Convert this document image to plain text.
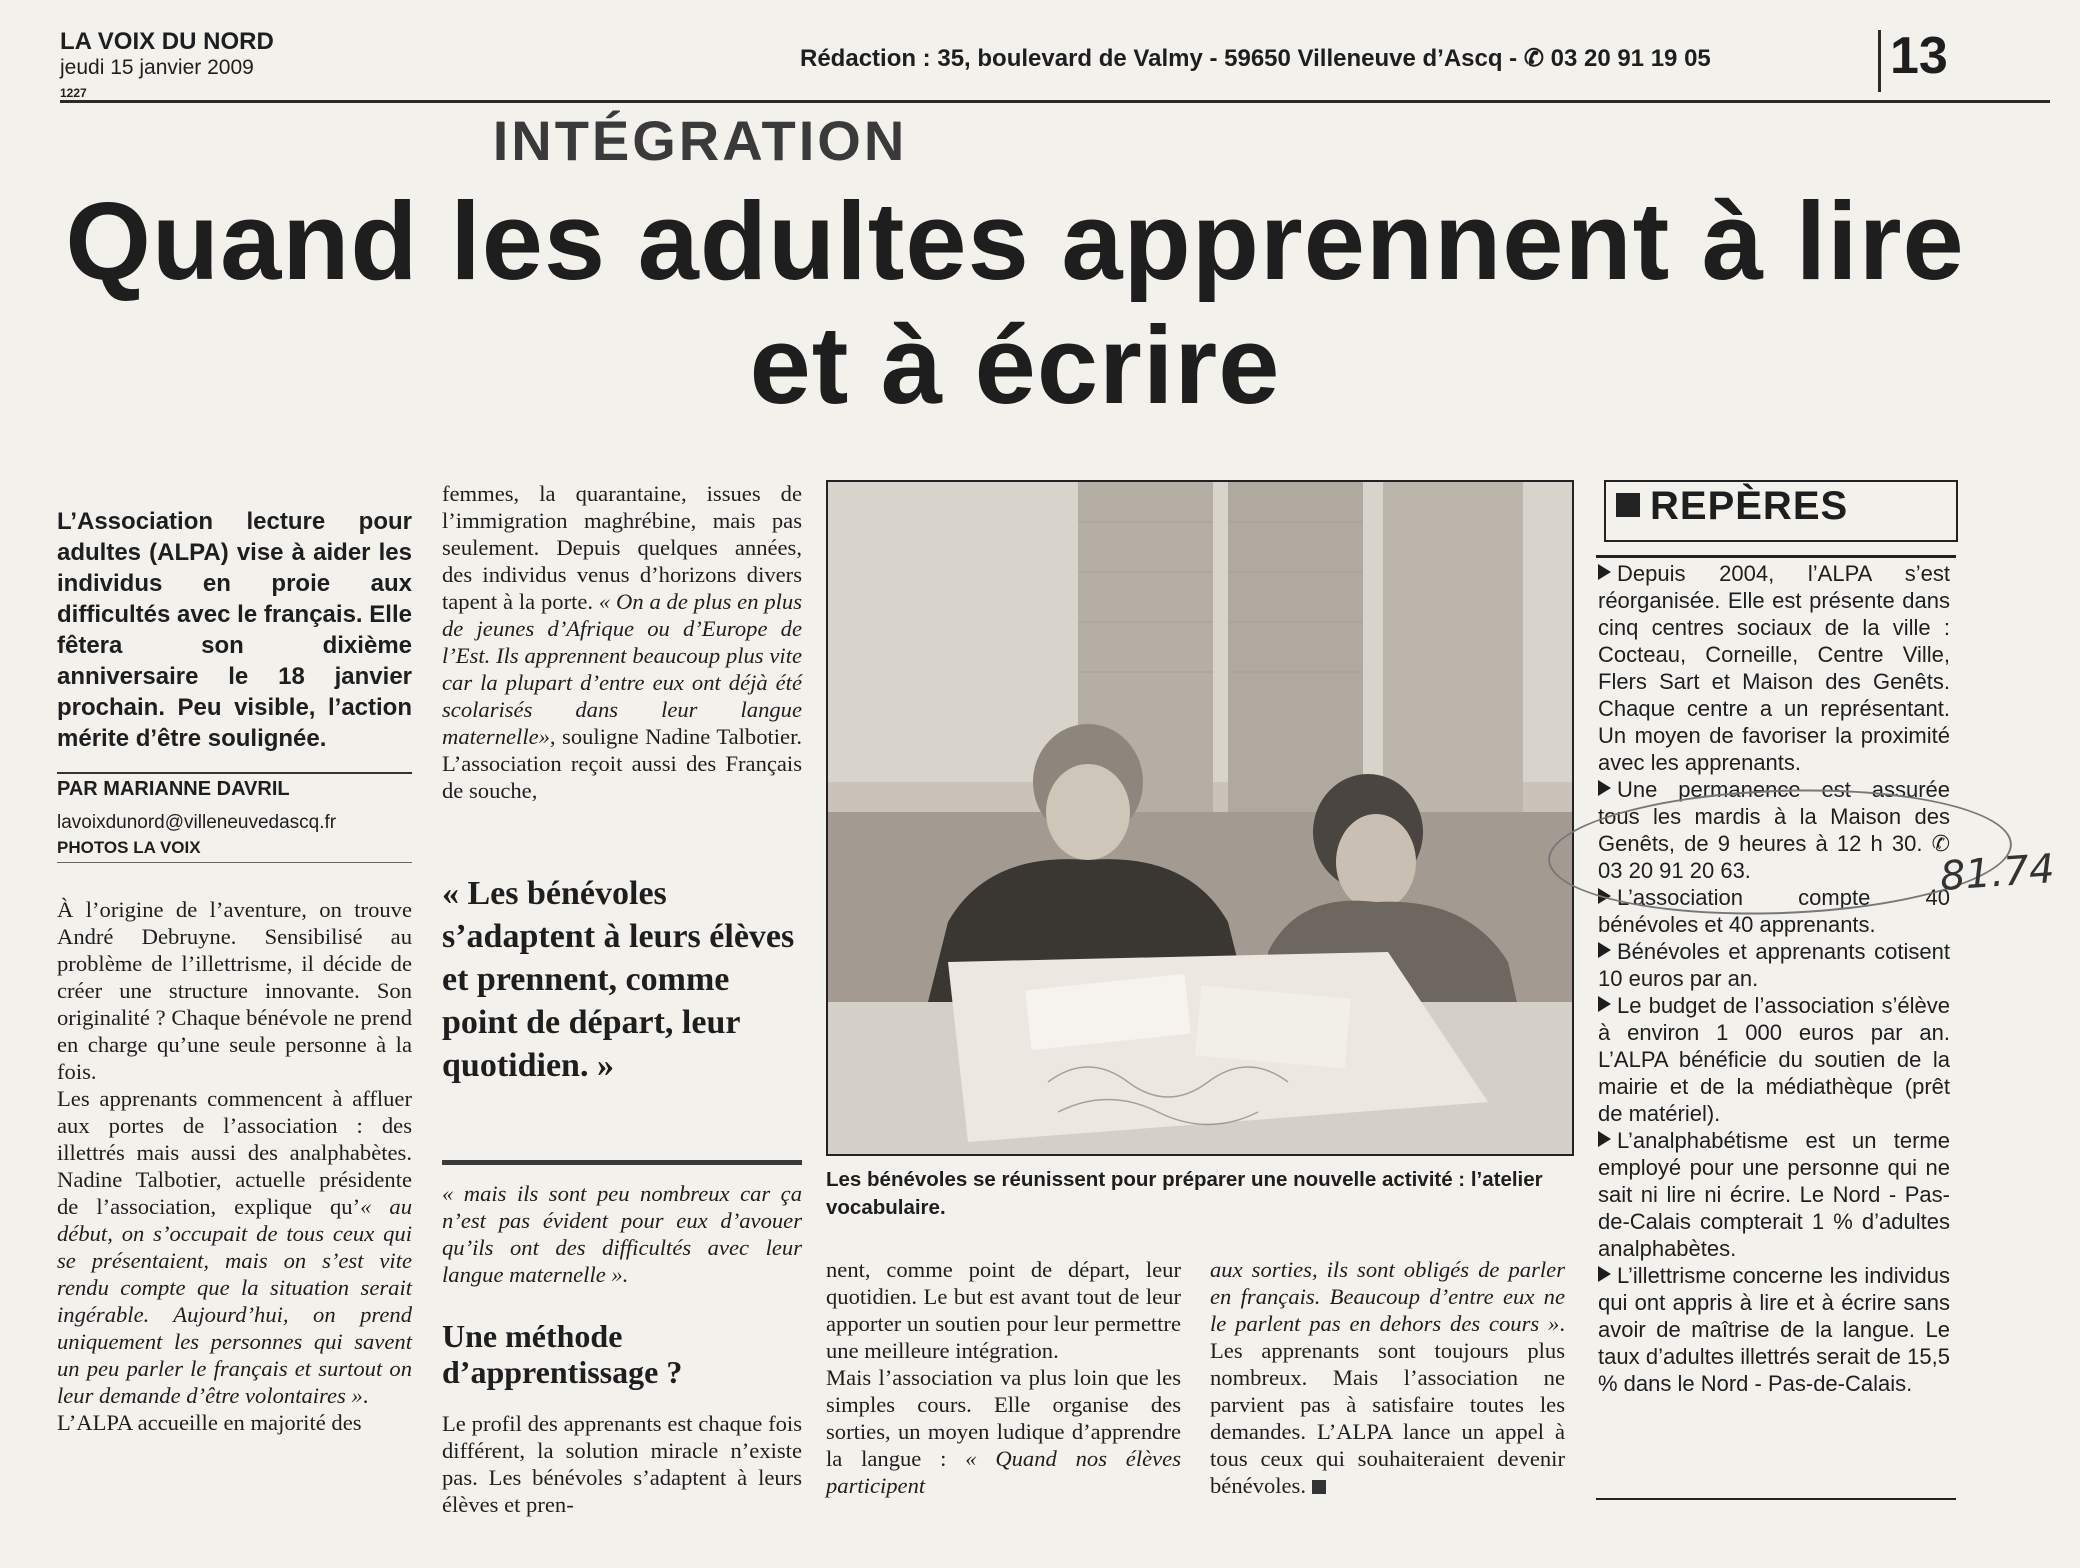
LA VOIX DU NORD
jeudi 15 janvier 2009
1227
Rédaction : 35, boulevard de Valmy - 59650 Villeneuve d’Ascq - ✆ 03 20 91 19 05	13
INTÉGRATION
Quand les adultes apprennent à lire et à écrire
L’Association lecture pour adultes (ALPA) vise à aider les individus en proie aux difficultés avec le français. Elle fêtera son dixième anniversaire le 18 janvier prochain. Peu visible, l’action mérite d’être soulignée.
PAR MARIANNE DAVRIL
lavoixdunord@villeneuvedascq.fr
PHOTOS LA VOIX

À l’origine de l’aventure, on trouve André Debruyne. Sensibilisé au problème de l’illettrisme, il décide de créer une structure innovante. Son originalité ? Chaque bénévole ne prend en charge qu’une seule personne à la fois.

Les apprenants commencent à affluer aux portes de l’association : des illettrés mais aussi des analphabètes. Nadine Talbotier, actuelle présidente de l’association, explique qu’« au début, on s’occupait de tous ceux qui se présentaient, mais on s’est vite rendu compte que la situation serait ingérable. Aujourd’hui, on prend uniquement les personnes qui savent un peu parler le français et surtout on leur demande d’être volontaires ».

L’ALPA accueille en majorité des

femmes, la quarantaine, issues de l’immigration maghrébine, mais pas seulement. Depuis quelques années, des individus venus d’horizons divers tapent à la porte. « On a de plus en plus de jeunes d’Afrique ou d’Europe de l’Est. Ils apprennent beaucoup plus vite car la plupart d’entre eux ont déjà été scolarisés dans leur langue maternelle», souligne Nadine Talbotier. L’association reçoit aussi des Français de souche,
« Les bénévoles s’adaptent à leurs élèves et prennent, comme point de départ, leur quotidien. »
« mais ils sont peu nombreux car ça n’est pas évident pour eux d’avouer qu’ils ont des difficultés avec leur langue maternelle ».
Une méthode d’apprentissage ?
Le profil des apprenants est chaque fois différent, la solution miracle n’existe pas. Les bénévoles s’adaptent à leurs élèves et pren-
Les bénévoles se réunissent pour préparer une nouvelle activité : l’atelier vocabulaire.

nent, comme point de départ, leur quotidien. Le but est avant tout de leur apporter un soutien pour leur permettre une meilleure intégration.

Mais l’association va plus loin que les simples cours. Elle organise des sorties, un moyen ludique d’apprendre la langue : « Quand nos élèves participent

aux sorties, ils sont obligés de parler en français. Beaucoup d’entre eux ne le parlent pas en dehors des cours ». Les apprenants sont toujours plus nombreux. Mais l’association ne parvient pas à satisfaire toutes les demandes. L’ALPA lance un appel à tous ceux qui souhaiteraient devenir bénévoles.
REPÈRES

Depuis 2004, l’ALPA s’est réorganisée. Elle est présente dans cinq centres sociaux de la ville : Cocteau, Corneille, Centre Ville, Flers Sart et Maison des Genêts. Chaque centre a un représentant. Un moyen de favoriser la proximité avec les apprenants.

Une permanence est assurée tous les mardis à la Maison des Genêts, de 9 heures à 12 h 30. ✆ 03 20 91 20 63.

L’association compte 40 bénévoles et 40 apprenants.

Bénévoles et apprenants cotisent 10 euros par an.

Le budget de l’association s’élève à environ 1 000 euros par an. L’ALPA bénéficie du soutien de la mairie et de la médiathèque (prêt de matériel).

L’analphabétisme est un terme employé pour une personne qui ne sait ni lire ni écrire. Le Nord - Pas-de-Calais compterait 1 % d’adultes analphabètes.

L’illettrisme concerne les individus qui ont appris à lire et à écrire sans avoir de maîtrise de la langue. Le taux d’adultes illettrés serait de 15,5 % dans le Nord - Pas-de-Calais.

81.74
